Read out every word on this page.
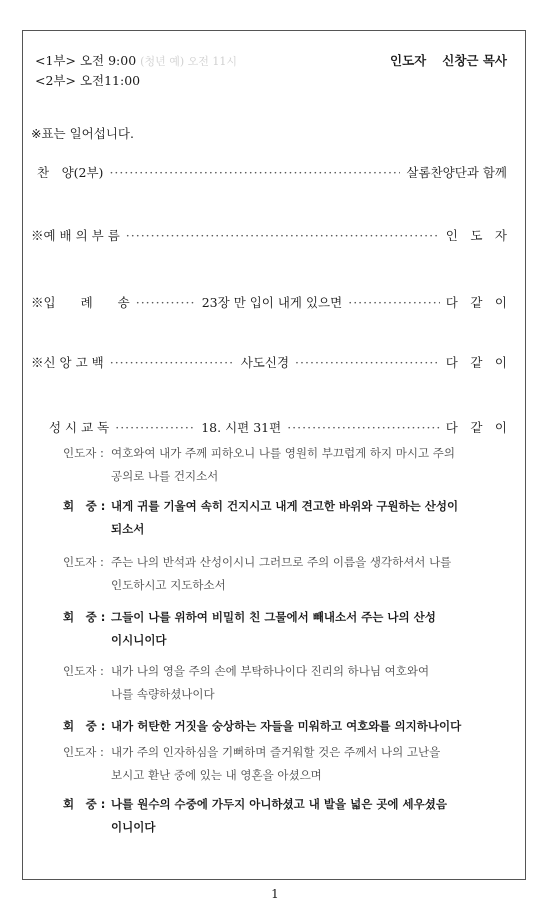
<1부> 오전 9:00 (청년 예) 오전 11시
<2부> 오전11:00
인도자 신창근 목사
※표는 일어섭니다.
찬　양(2부) ·····	살롬찬양단과 함께
※예 배 의 부 름 ·····	인　도　자
※입　　례　　송 ·····	23장 만 입이 내게 있으면 ·····	다　같　이
※신 앙 고 백 ·····	사도신경 ·····	다　같　이
성 시 교 독 ·····	18. 시편 31편 ·····	다　같　이
인도자 : 여호와여 내가 주께 피하오니 나를 영원히 부끄럽게 하지 마시고 주의
공의로 나를 건지소서
회　중 : 내게 귀를 기울여 속히 건지시고 내게 견고한 바위와 구원하는 산성이
되소서
인도자 : 주는 나의 반석과 산성이시니 그러므로 주의 이름을 생각하셔서 나를
인도하시고 지도하소서
회　중 : 그들이 나를 위하여 비밀히 친 그물에서 빼내소서 주는 나의 산성
이시니이다
인도자 : 내가 나의 영을 주의 손에 부탁하나이다 진리의 하나님 여호와여
나를 속량하셨나이다
회　중 : 내가 허탄한 거짓을 숭상하는 자들을 미워하고 여호와를 의지하나이다
인도자 : 내가 주의 인자하심을 기뻐하며 즐거워할 것은 주께서 나의 고난을
보시고 환난 중에 있는 내 영혼을 아셨으며
회　중 : 나를 원수의 수중에 가두지 아니하셨고 내 발을 넓은 곳에 세우셨음
이니이다
1
